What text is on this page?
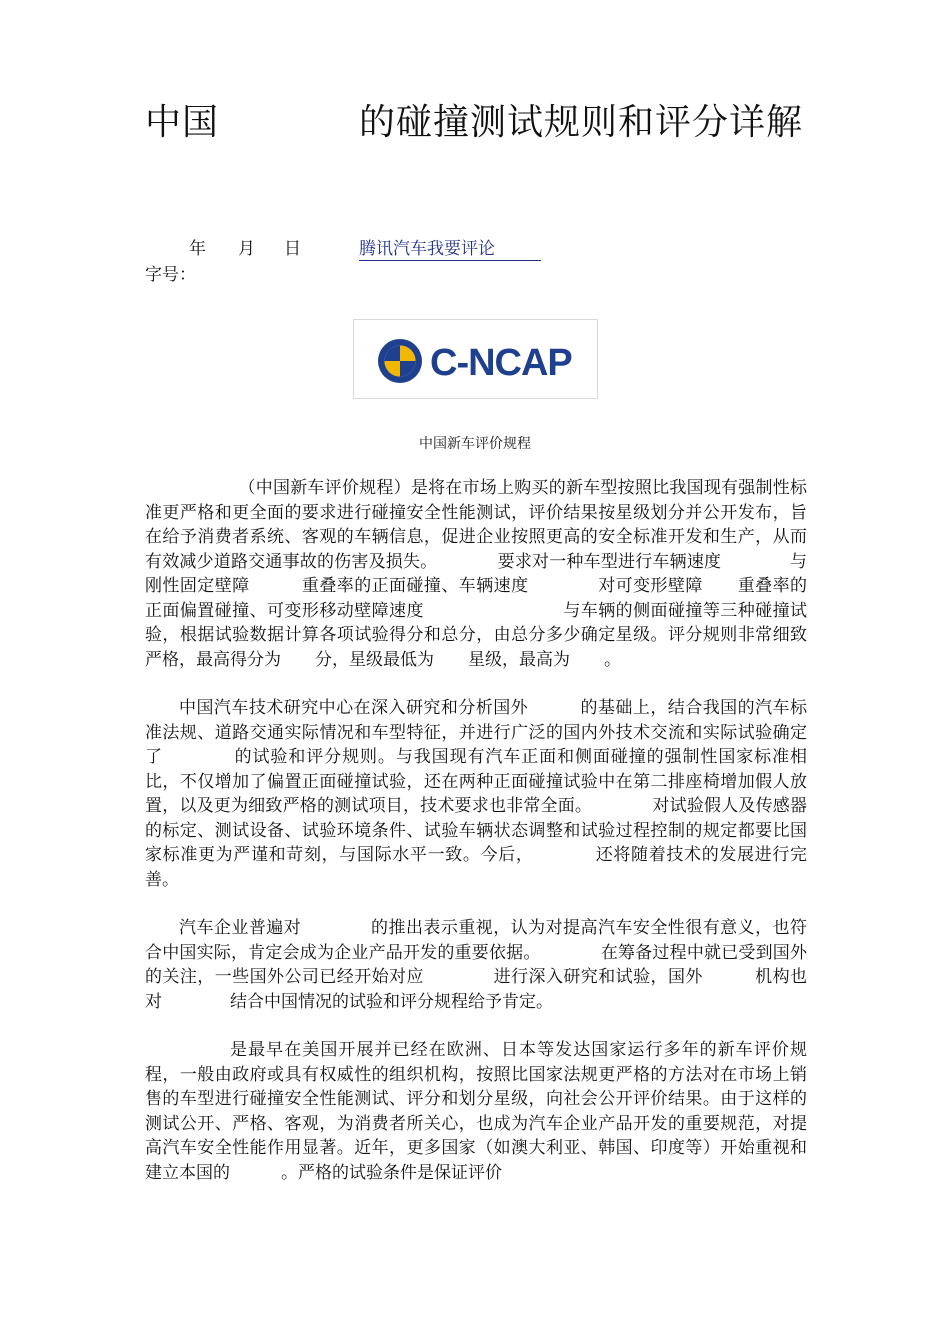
中国	的碰撞测试规则和评分详解
年 月 日	腾讯汽车我要评论
字号：
C-NCAP
中国新车评价规程

（中国新车评价规程）是将在市场上购买的新车型按照比我国现有强制性标准更严格和更全面的要求进行碰撞安全性能测试，评价结果按星级划分并公开发布，旨在给予消费者系统、客观的车辆信息，促进企业按照更高的安全标准开发和生产，从而有效减少道路交通事故的伤害及损失。　　　　要求对一种车型进行车辆速度　　　　与刚性固定壁障　　　重叠率的正面碰撞、车辆速度　　　　对可变形壁障　　重叠率的正面偏置碰撞、可变形移动壁障速度　　　　　　　　与车辆的侧面碰撞等三种碰撞试验，根据试验数据计算各项试验得分和总分，由总分多少确定星级。评分规则非常细致严格，最高得分为　　分，星级最低为　　星级，最高为　　。

中国汽车技术研究中心在深入研究和分析国外　　　的基础上，结合我国的汽车标准法规、道路交通实际情况和车型特征，并进行广泛的国内外技术交流和实际试验确定了　　　　的试验和评分规则。与我国现有汽车正面和侧面碰撞的强制性国家标准相比，不仅增加了偏置正面碰撞试验，还在两种正面碰撞试验中在第二排座椅增加假人放置，以及更为细致严格的测试项目，技术要求也非常全面。　　　　对试验假人及传感器的标定、测试设备、试验环境条件、试验车辆状态调整和试验过程控制的规定都要比国家标准更为严谨和苛刻，与国际水平一致。今后，　　　　还将随着技术的发展进行完善。

汽车企业普遍对　　　　的推出表示重视，认为对提高汽车安全性很有意义，也符合中国实际，肯定会成为企业产品开发的重要依据。　　　　在筹备过程中就已受到国外的关注，一些国外公司已经开始对应　　　　进行深入研究和试验，国外　　　机构也对　　　　结合中国情况的试验和评分规程给予肯定。

是最早在美国开展并已经在欧洲、日本等发达国家运行多年的新车评价规程，一般由政府或具有权威性的组织机构，按照比国家法规更严格的方法对在市场上销售的车型进行碰撞安全性能测试、评分和划分星级，向社会公开评价结果。由于这样的测试公开、严格、客观，为消费者所关心，也成为汽车企业产品开发的重要规范，对提高汽车安全性能作用显著。近年，更多国家（如澳大利亚、韩国、印度等）开始重视和建立本国的　　　。严格的试验条件是保证评价
